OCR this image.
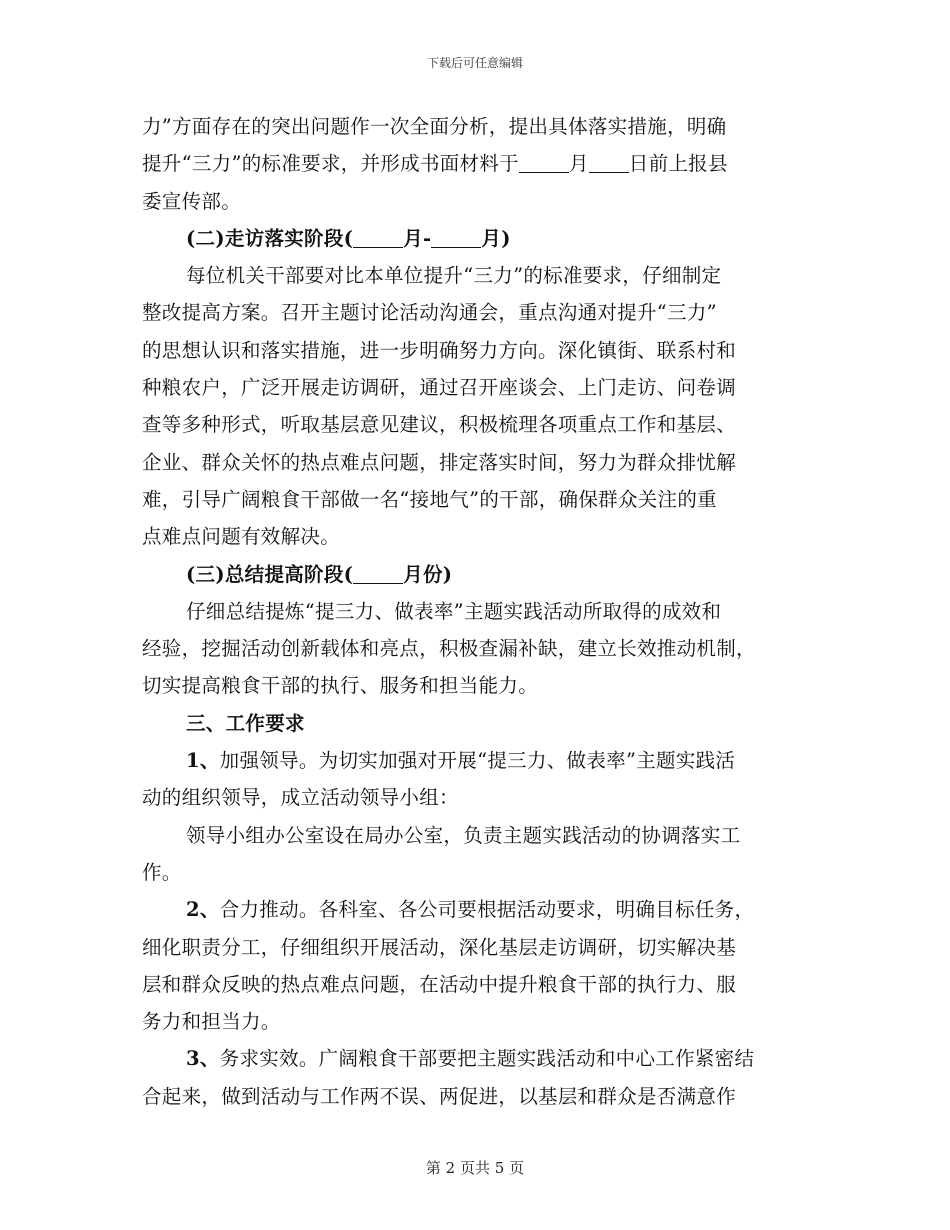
下载后可任意编辑
力”方面存在的突出问题作一次全面分析，提出具体落实措施，明确
提升“三力”的标准要求，并形成书面材料于	月 日前上报县
委宣传部。
(二)走访落实阶段(	月-	月)
每位机关干部要对比本单位提升“三力”的标准要求，仔细制定
整改提高方案。召开主题讨论活动沟通会，重点沟通对提升“三力”
的思想认识和落实措施，进一步明确努力方向。深化镇街、联系村和
种粮农户，广泛开展走访调研，通过召开座谈会、上门走访、问卷调
查等多种形式，听取基层意见建议，积极梳理各项重点工作和基层、
企业、群众关怀的热点难点问题，排定落实时间，努力为群众排忧解
难，引导广阔粮食干部做一名“接地气”的干部，确保群众关注的重
点难点问题有效解决。
(三)总结提高阶段(	月份)
仔细总结提炼“提三力、做表率”主题实践活动所取得的成效和
经验，挖掘活动创新载体和亮点，积极查漏补缺，建立长效推动机制，
切实提高粮食干部的执行、服务和担当能力。
三、工作要求
1、加强领导。为切实加强对开展“提三力、做表率”主题实践活
动的组织领导，成立活动领导小组：
领导小组办公室设在局办公室，负责主题实践活动的协调落实工
作。
2、合力推动。各科室、各公司要根据活动要求，明确目标任务，
细化职责分工，仔细组织开展活动，深化基层走访调研，切实解决基
层和群众反映的热点难点问题，在活动中提升粮食干部的执行力、服
务力和担当力。
3、务求实效。广阔粮食干部要把主题实践活动和中心工作紧密结
合起来，做到活动与工作两不误、两促进，以基层和群众是否满意作
第 2 页共 5 页
